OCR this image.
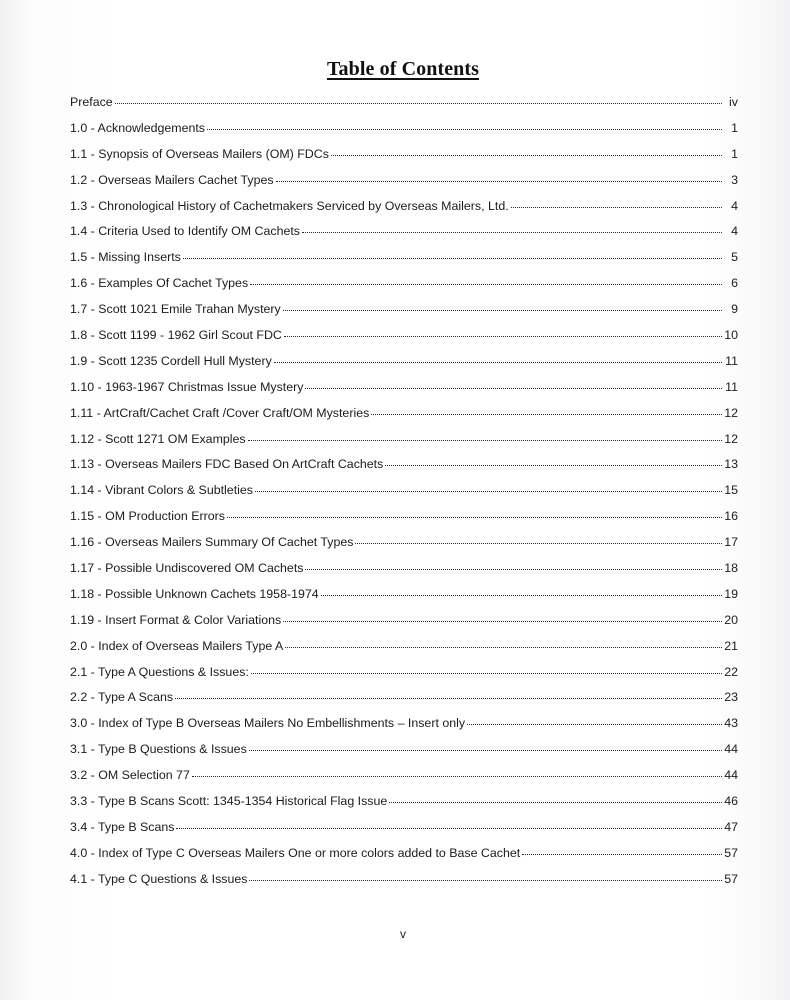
Table of Contents
Preface	iv
1.0 - Acknowledgements	1
1.1 - Synopsis of Overseas Mailers (OM) FDCs	1
1.2 - Overseas Mailers Cachet Types	3
1.3 - Chronological History of Cachetmakers Serviced by Overseas Mailers, Ltd.	4
1.4 - Criteria Used to Identify OM Cachets	4
1.5 - Missing Inserts	5
1.6 - Examples Of Cachet Types	6
1.7 - Scott 1021 Emile Trahan Mystery	9
1.8 - Scott 1199 - 1962 Girl Scout FDC	10
1.9 - Scott 1235 Cordell Hull Mystery	11
1.10 - 1963-1967 Christmas Issue Mystery	11
1.11 - ArtCraft/Cachet Craft /Cover Craft/OM Mysteries	12
1.12 - Scott 1271 OM Examples	12
1.13 - Overseas Mailers FDC Based On ArtCraft Cachets	13
1.14 - Vibrant Colors & Subtleties	15
1.15 - OM Production Errors	16
1.16 - Overseas Mailers Summary Of Cachet Types	17
1.17 - Possible Undiscovered OM Cachets	18
1.18 - Possible Unknown Cachets 1958-1974	19
1.19 - Insert Format & Color Variations	20
2.0 - Index of Overseas Mailers Type A	21
2.1 - Type A Questions & Issues:	22
2.2 - Type A Scans	23
3.0 - Index of Type B Overseas Mailers No Embellishments – Insert only	43
3.1 - Type B Questions & Issues	44
3.2 - OM Selection 77	44
3.3 - Type B Scans Scott: 1345-1354 Historical Flag Issue	46
3.4 - Type B Scans	47
4.0 - Index of Type C Overseas Mailers One or more colors added to Base Cachet	57
4.1 - Type C Questions & Issues	57
v
